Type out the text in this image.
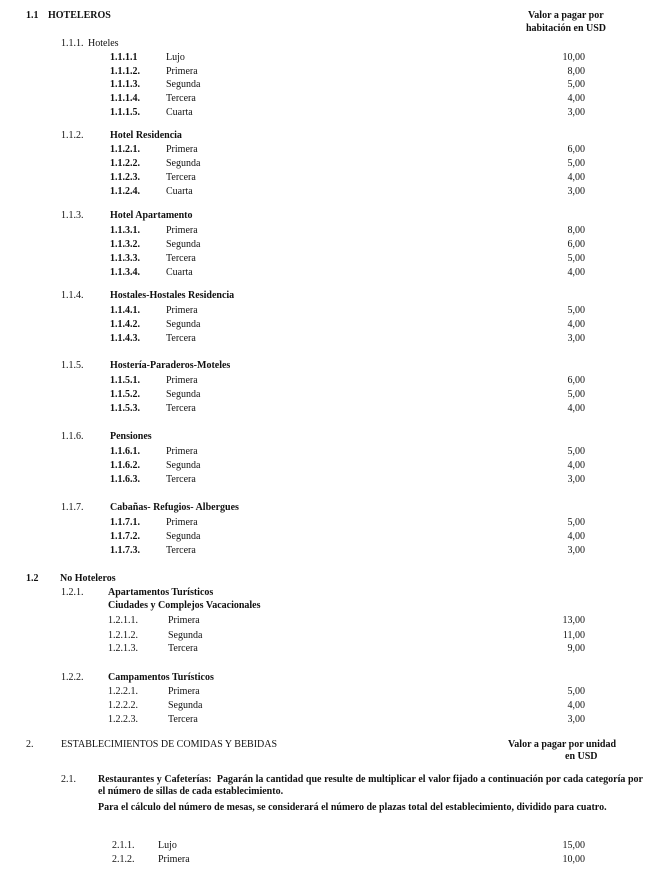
1.1 HOTELEROS	Valor a pagar por
habitación en USD
1.1.1. Hoteles
1.1.1.1	Lujo	10,00
1.1.1.2.	Primera	8,00
1.1.1.3.	Segunda	5,00
1.1.1.4.	Tercera	4,00
1.1.1.5.	Cuarta	3,00
1.1.2.	Hotel Residencia
1.1.2.1.	Primera	6,00
1.1.2.2.	Segunda	5,00
1.1.2.3.	Tercera	4,00
1.1.2.4.	Cuarta	3,00
1.1.3.	Hotel Apartamento
1.1.3.1.	Primera	8,00
1.1.3.2.	Segunda	6,00
1.1.3.3.	Tercera	5,00
1.1.3.4.	Cuarta	4,00
1.1.4.	Hostales-Hostales Residencia
1.1.4.1.	Primera	5,00
1.1.4.2.	Segunda	4,00
1.1.4.3.	Tercera	3,00
1.1.5.	Hostería-Paraderos-Moteles
1.1.5.1.	Primera	6,00
1.1.5.2.	Segunda	5,00
1.1.5.3.	Tercera	4,00
1.1.6.	Pensiones
1.1.6.1.	Primera	5,00
1.1.6.2.	Segunda	4,00
1.1.6.3.	Tercera	3,00
1.1.7.	Cabañas- Refugios- Albergues
1.1.7.1.	Primera	5,00
1.1.7.2.	Segunda	4,00
1.1.7.3.	Tercera	3,00
1.2 No Hoteleros
1.2.1. Apartamentos Turísticos
Ciudades y Complejos Vacacionales
1.2.1.1.	Primera	13,00
1.2.1.2.	Segunda	11,00
1.2.1.3.	Tercera	9,00
1.2.2. Campamentos Turísticos
1.2.2.1.	Primera	5,00
1.2.2.2.	Segunda	4,00
1.2.2.3.	Tercera	3,00
2.	ESTABLECIMIENTOS DE COMIDAS Y BEBIDAS	Valor a pagar por unidad
en USD
2.1. Restaurantes y Cafeterías: Pagarán la cantidad que resulte de multiplicar el valor fijado a continuación por cada categoría por el número de sillas de cada establecimiento.
Para el cálculo del número de mesas, se considerará el número de plazas total del establecimiento, dividido para cuatro.
2.1.1. Lujo	15,00
2.1.2. Primera	10,00
